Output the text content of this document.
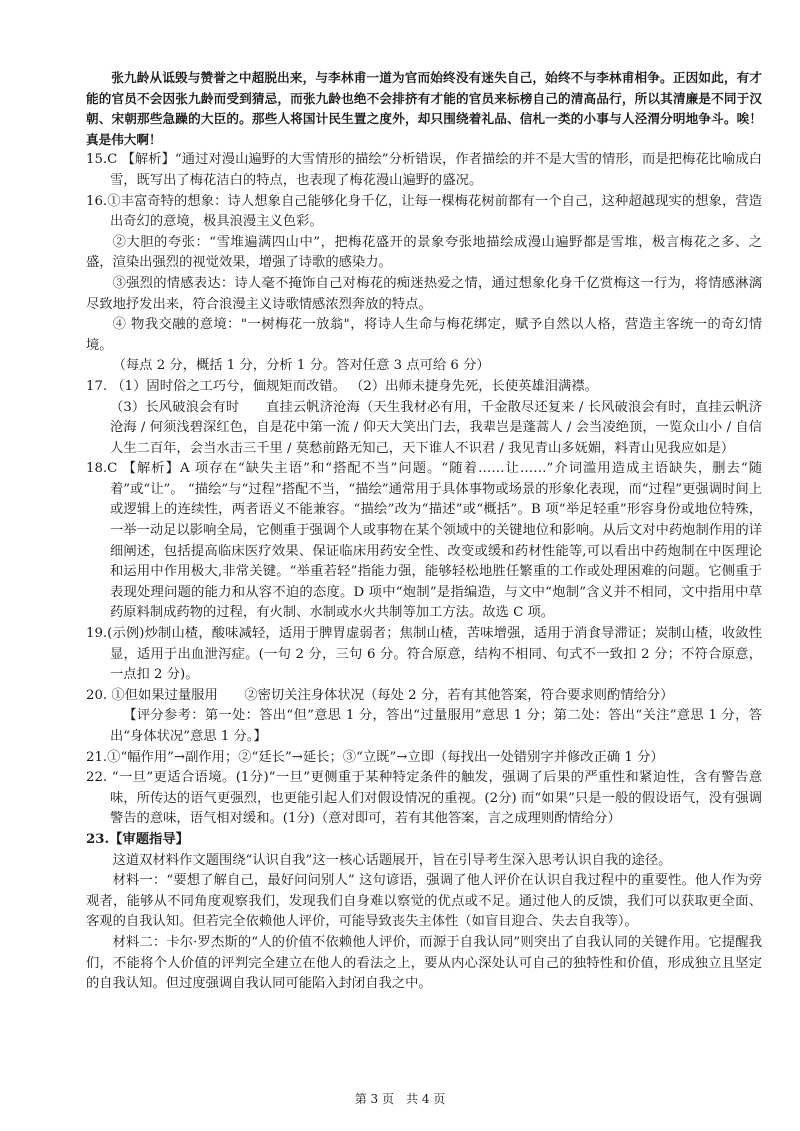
张九龄从诋毁与赞誉之中超脱出来，与李林甫一道为官而始终没有迷失自己，始终不与李林甫相争。正因如此，有才能的官员不会因张九龄而受到猜忌，而张九龄也绝不会排挤有才能的官员来标榜自己的清高品行，所以其清廉是不同于汉朝、宋朝那些急躁的大臣的。那些人将国计民生置之度外，却只围绕着礼品、信札一类的小事与人泾渭分明地争斗。唉！真是伟大啊！

15.C 【解析】“通过对漫山遍野的大雪情形的描绘”分析错误，作者描绘的并不是大雪的情形，而是把梅花比喻成白雪，既写出了梅花洁白的特点，也表现了梅花漫山遍野的盛况。

16.①丰富奇特的想象：诗人想象自己能够化身千亿，让每一棵梅花树前都有一个自己，这种超越现实的想象，营造出奇幻的意境，极具浪漫主义色彩。

②大胆的夸张：“雪堆遍满四山中”，把梅花盛开的景象夸张地描绘成漫山遍野都是雪堆，极言梅花之多、之盛，渲染出强烈的视觉效果，增强了诗歌的感染力。

③强烈的情感表达：诗人毫不掩饰自己对梅花的痴迷热爱之情，通过想象化身千亿赏梅这一行为，将情感淋漓尽致地抒发出来，符合浪漫主义诗歌情感浓烈奔放的特点。

④ 物我交融的意境："一树梅花一放翁"，将诗人生命与梅花绑定，赋予自然以人格，营造主客统一的奇幻情境。

（每点 2 分，概括 1 分，分析 1 分。答对任意 3 点可给 6 分）

17. （1）固时俗之工巧兮，偭规矩而改错。 （2）出师未捷身先死，长使英雄泪满襟。

（3）长风破浪会有时　　直挂云帆济沧海（天生我材必有用，千金散尽还复来 / 长风破浪会有时，直挂云帆济沧海 / 何须浅碧深红色，自是花中第一流 / 仰天大笑出门去，我辈岂是蓬蒿人 / 会当凌绝顶，一览众山小 / 自信人生二百年，会当水击三千里 / 莫愁前路无知己，天下谁人不识君 / 我见青山多妩媚，料青山见我应如是）

18.C 【解析】A 项存在“缺失主语”和“搭配不当”问题。“随着……让……”介词滥用造成主语缺失，删去“随着”或“让”。 “描绘”与“过程”搭配不当，“描绘”通常用于具体事物或场景的形象化表现，而“过程”更强调时间上或逻辑上的连续性，两者语义不能兼容。“描绘”改为“描述”或“概括”。B 项“举足轻重”形容身份或地位特殊，一举一动足以影响全局，它侧重于强调个人或事物在某个领域中的关键地位和影响。从后文对中药炮制作用的详细阐述，包括提高临床医疗效果、保证临床用药安全性、改变或缓和药材性能等,可以看出中药炮制在中医理论和运用中作用极大,非常关键。“举重若轻”指能力强，能够轻松地胜任繁重的工作或处理困难的问题。它侧重于表现处理问题的能力和从容不迫的态度。D 项中“炮制”是指编造，与文中“炮制”含义并不相同，文中指用中草药原料制成药物的过程，有火制、水制或水火共制等加工方法。故选 C 项。

19.(示例)炒制山楂，酸味减轻，适用于脾胃虚弱者；焦制山楂，苦味增强，适用于消食导滞证；炭制山楂，收敛性显，适用于出血泄泻症。(一句 2 分，三句 6 分。符合原意，结构不相同、句式不一致扣 2 分；不符合原意，一点扣 2 分)。

20. ①但如果过量服用　　②密切关注身体状况（每处 2 分，若有其他答案，符合要求则酌情给分）

【评分参考：第一处：答出“但”意思 1 分，答出“过量服用”意思 1 分；第二处：答出“关注”意思 1 分，答出“身体状况”意思 1 分。】

21.①“幅作用”→副作用；②“廷长”→延长；③“立既”→立即（每找出一处错别字并修改正确 1 分）

22. “一旦”更适合语境。(1分)“一旦”更侧重于某种特定条件的触发，强调了后果的严重性和紧迫性，含有警告意味，所传达的语气更强烈，也更能引起人们对假设情况的重视。(2分) 而“如果”只是一般的假设语气，没有强调警告的意味，语气相对缓和。(1分)（意对即可，若有其他答案，言之成理则酌情给分）

23.【审题指导】

这道双材料作文题围绕“认识自我”这一核心话题展开，旨在引导考生深入思考认识自我的途径。

材料一：“要想了解自己，最好问问别人” 这句谚语，强调了他人评价在认识自我过程中的重要性。他人作为旁观者，能够从不同角度观察我们，发现我们自身难以察觉的优点或不足。通过他人的反馈，我们可以获取更全面、客观的自我认知。但若完全依赖他人评价，可能导致丧失主体性（如盲目迎合、失去自我等）。

材料二：卡尔·罗杰斯的“人的价值不依赖他人评价，而源于自我认同”则突出了自我认同的关键作用。它提醒我们，不能将个人价值的评判完全建立在他人的看法之上，要从内心深处认可自己的独特性和价值，形成独立且坚定的自我认知。但过度强调自我认同可能陷入封闭自我之中。

第 3 页　共 4 页
